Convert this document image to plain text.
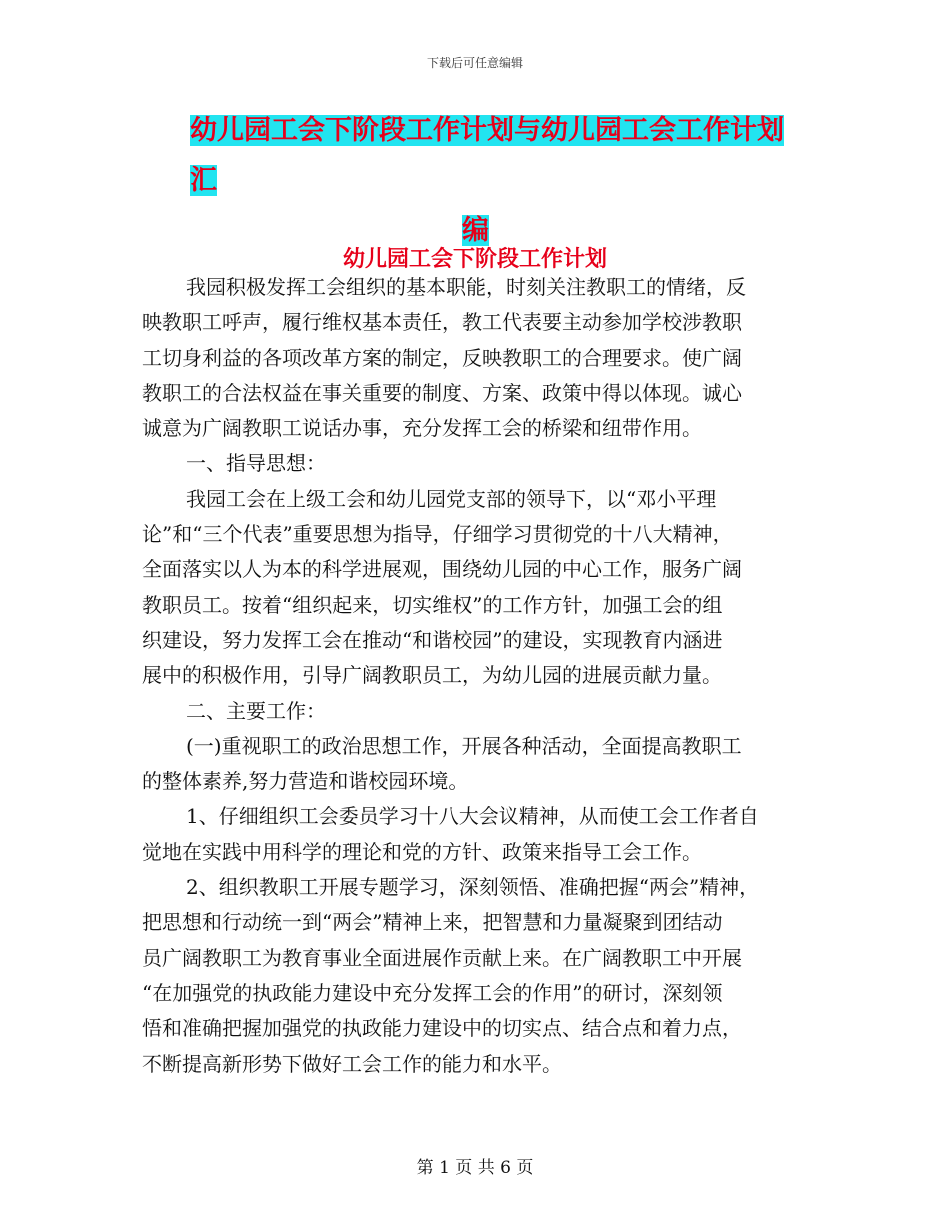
下载后可任意编辑
幼儿园工会下阶段工作计划与幼儿园工会工作计划汇
编
幼儿园工会下阶段工作计划
我园积极发挥工会组织的基本职能，时刻关注教职工的情绪，反
映教职工呼声，履行维权基本责任，教工代表要主动参加学校涉教职
工切身利益的各项改革方案的制定，反映教职工的合理要求。使广阔
教职工的合法权益在事关重要的制度、方案、政策中得以体现。诚心
诚意为广阔教职工说话办事，充分发挥工会的桥梁和纽带作用。
一、指导思想：
我园工会在上级工会和幼儿园党支部的领导下，以“邓小平理
论”和“三个代表”重要思想为指导，仔细学习贯彻党的十八大精神，
全面落实以人为本的科学进展观，围绕幼儿园的中心工作，服务广阔
教职员工。按着“组织起来，切实维权”的工作方针，加强工会的组
织建设，努力发挥工会在推动“和谐校园”的建设，实现教育内涵进
展中的积极作用，引导广阔教职员工，为幼儿园的进展贡献力量。
二、主要工作：
(一)重视职工的政治思想工作，开展各种活动，全面提高教职工
的整体素养,努力营造和谐校园环境。
1、仔细组织工会委员学习十八大会议精神，从而使工会工作者自
觉地在实践中用科学的理论和党的方针、政策来指导工会工作。
2、组织教职工开展专题学习，深刻领悟、准确把握“两会”精神，
把思想和行动统一到“两会”精神上来，把智慧和力量凝聚到团结动
员广阔教职工为教育事业全面进展作贡献上来。在广阔教职工中开展
“在加强党的执政能力建设中充分发挥工会的作用”的研讨，深刻领
悟和准确把握加强党的执政能力建设中的切实点、结合点和着力点，
不断提高新形势下做好工会工作的能力和水平。
第 1 页 共 6 页
